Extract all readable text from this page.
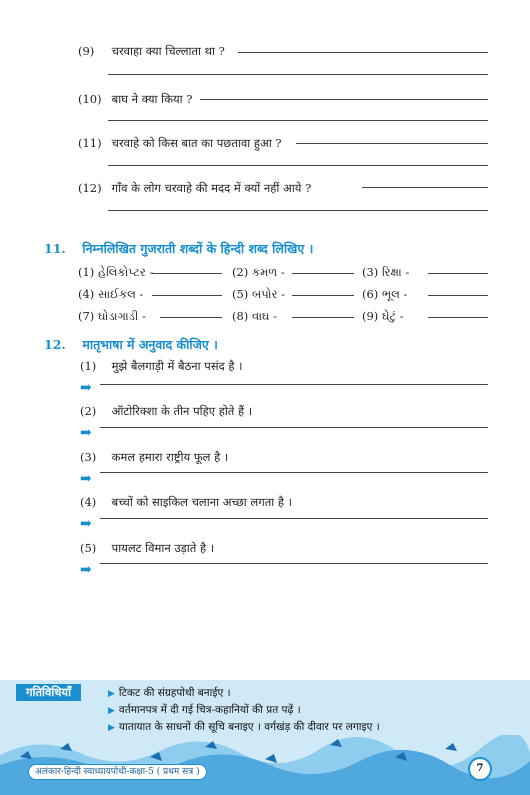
(9) चरवाहा क्या चिल्लाता था ?
(10) बाघ ने क्या किया ?
(11) चरवाहे को किस बात का पछतावा हुआ ?
(12) गाँव के लोग चरवाहे की मदद में क्यों नहीं आये ?
11. निम्नलिखित गुजराती शब्दों के हिन्दी शब्द लिखिए ।
(1) હેલિકોપ્ટર -	(2) કમળ -	(3) રિક્ષા -
(4) સાઈકલ -	(5) બપોર -	(6) ભૂલ -
(7) ઘોડાગાડી -	(8) વાઘ -	(9) ઘેટું -
12. मातृभाषा में अनुवाद कीजिए ।
(1) मुझे बैलगाड़ी में बैठना पसंद है ।
➡
(2) ऑटोरिक्शा के तीन पहिए होते हैं ।
➡
(3) कमल हमारा राष्ट्रीय फूल है ।
➡
(4) बच्चों को साइकिल चलाना अच्छा लगता है ।
➡
(5) पायलट विमान उड़ाते है ।
➡
गतिविधियाँ	▶ टिकट की संग्रहपोथी बनाईए ।
▶ वर्तमानपत्र में दी गई चित्र-कहानियों की प्रत पढ़ें ।
▶ यातायात के साधनों की सूचि बनाइए । वर्गखंड़ की दीवार पर लगाइए ।
अलंकार-हिन्दी स्वाध्यायपोथी-कक्षा-5 ( प्रथम सत्र )	7
